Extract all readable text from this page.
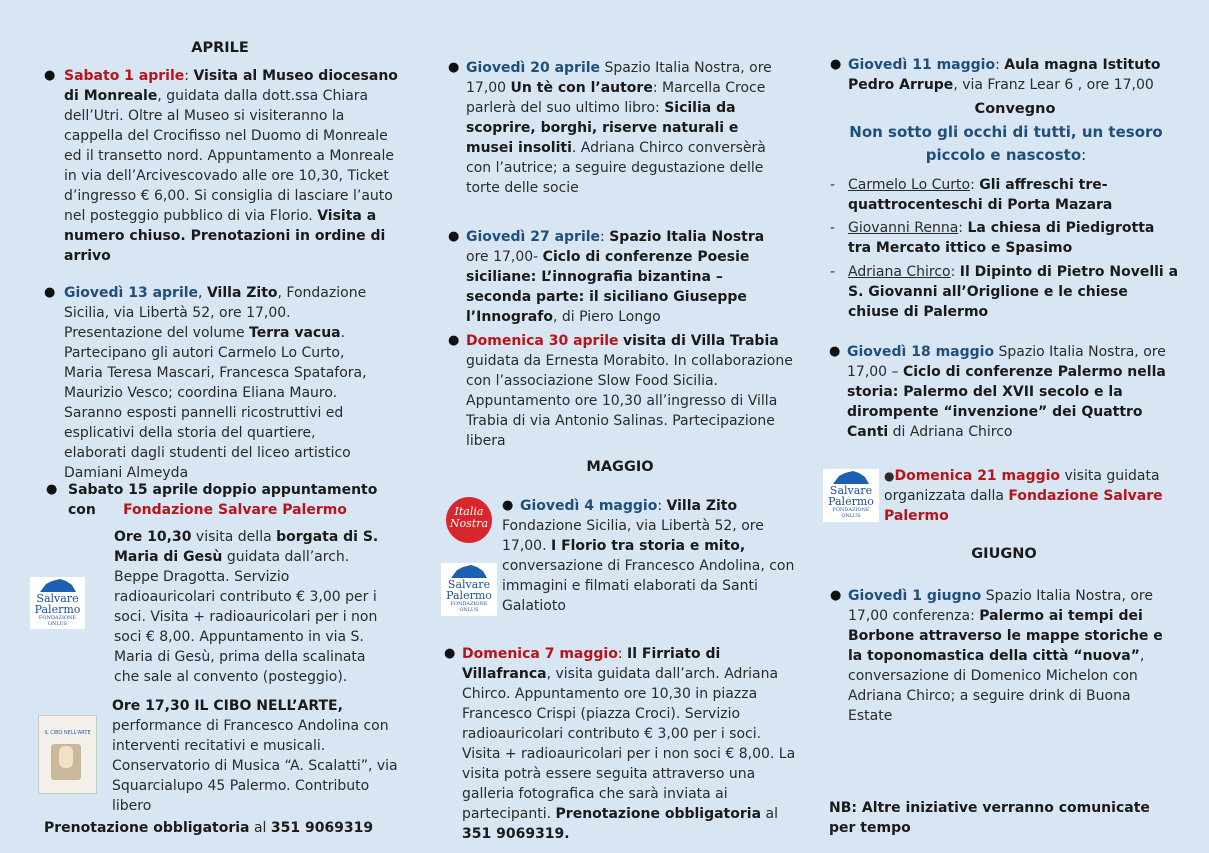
APRILE
● Sabato 1 aprile: Visita al Museo diocesano di Monreale, guidata dalla dott.ssa Chiara dell’Utri. Oltre al Museo si visiteranno la cappella del Crocifisso nel Duomo di Monreale ed il transetto nord. Appuntamento a Monreale in via dell’Arcivescovado alle ore 10,30, Ticket d’ingresso € 6,00. Si consiglia di lasciare l’auto nel posteggio pubblico di via Florio. Visita a numero chiuso. Prenotazioni in ordine di arrivo
● Giovedì 13 aprile, Villa Zito, Fondazione Sicilia, via Libertà 52, ore 17,00. Presentazione del volume Terra vacua. Partecipano gli autori Carmelo Lo Curto, Maria Teresa Mascari, Francesca Spatafora, Maurizio Vesco; coordina Eliana Mauro. Saranno esposti pannelli ricostruttivi ed esplicativi della storia del quartiere, elaborati dagli studenti del liceo artistico Damiani Almeyda
● Sabato 15 aprile doppio appuntamento con	Fondazione Salvare Palermo
Salvare
Palermo
FONDAZIONE ONLUS
Ore 10,30 visita della borgata di S. Maria di Gesù guidata dall’arch. Beppe Dragotta. Servizio radioauricolari contributo € 3,00 per i soci. Visita + radioauricolari per i non soci € 8,00. Appuntamento in via S. Maria di Gesù, prima della scalinata che sale al convento (posteggio).
IL CIBO NELL'ARTE
Ore 17,30 IL CIBO NELL’ARTE,
performance di Francesco Andolina con interventi recitativi e musicali. Conservatorio di Musica “A. Scalatti”, via Squarcialupo 45 Palermo. Contributo libero
Prenotazione obbligatoria al 351 9069319
● Giovedì 20 aprile Spazio Italia Nostra, ore 17,00 Un tè con l’autore: Marcella Croce parlerà del suo ultimo libro: Sicilia da scoprire, borghi, riserve naturali e musei insoliti. Adriana Chirco conversèrà con l’autrice; a seguire degustazione delle torte delle socie
● Giovedì 27 aprile: Spazio Italia Nostra ore 17,00- Ciclo di conferenze Poesie siciliane: L’innografia bizantina – seconda parte: il siciliano Giuseppe l’Innografo, di Piero Longo
● Domenica 30 aprile visita di Villa Trabia
guidata da Ernesta Morabito. In collaborazione con l’associazione Slow Food Sicilia. Appuntamento ore 10,30 all’ingresso di Villa Trabia di via Antonio Salinas. Partecipazione libera
MAGGIO
Italia
Nostra
Salvare
Palermo
FONDAZIONE ONLUS
● Giovedì 4 maggio: Villa Zito
Fondazione Sicilia, via Libertà 52, ore 17,00. I Florio tra storia e mito, conversazione di Francesco Andolina, con immagini e filmati elaborati da Santi Galatioto
● Domenica 7 maggio: Il Firriato di Villafranca, visita guidata dall’arch. Adriana Chirco. Appuntamento ore 10,30 in piazza Francesco Crispi (piazza Croci). Servizio radioauricolari contributo € 3,00 per i soci. Visita + radioauricolari per i non soci € 8,00. La visita potrà essere seguita attraverso una galleria fotografica che sarà inviata ai partecipanti. Prenotazione obbligatoria al 351 9069319.
● Giovedì 11 maggio: Aula magna Istituto Pedro Arrupe, via Franz Lear 6 , ore 17,00
Convegno
Non sotto gli occhi di tutti, un tesoro piccolo e nascosto:
- Carmelo Lo Curto: Gli affreschi tre-quattrocenteschi di Porta Mazara
- Giovanni Renna: La chiesa di Piedigrotta tra Mercato ittico e Spasimo
- Adriana Chirco: Il Dipinto di Pietro Novelli a S. Giovanni all’Origlione e le chiese chiuse di Palermo
● Giovedì 18 maggio Spazio Italia Nostra, ore 17,00 – Ciclo di conferenze Palermo nella storia: Palermo del XVII secolo e la dirompente “invenzione” dei Quattro Canti di Adriana Chirco
Salvare
Palermo
FONDAZIONE ONLUS
●Domenica 21 maggio visita guidata organizzata dalla Fondazione Salvare Palermo
GIUGNO
● Giovedì 1 giugno Spazio Italia Nostra, ore 17,00 conferenza: Palermo ai tempi dei Borbone attraverso le mappe storiche e la toponomastica della città “nuova”, conversazione di Domenico Michelon con Adriana Chirco; a seguire drink di Buona Estate
NB: Altre iniziative verranno comunicate per tempo
